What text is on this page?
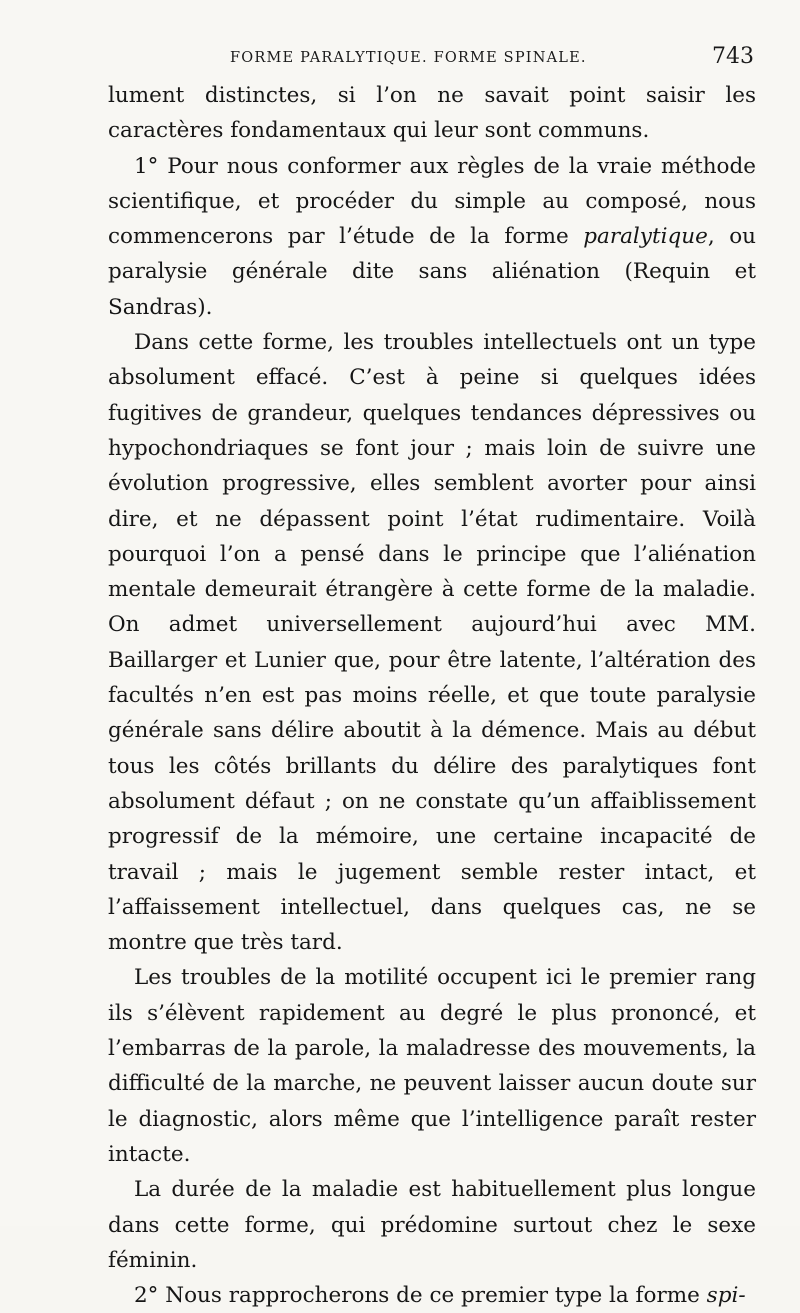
FORME PARALYTIQUE. FORME SPINALE.	743

lument distinctes, si l’on ne savait point saisir les caractères fondamentaux qui leur sont communs.

1° Pour nous conformer aux règles de la vraie méthode scientifique, et procéder du simple au composé, nous commencerons par l’étude de la forme paralytique, ou paralysie générale dite sans aliénation (Requin et Sandras).

Dans cette forme, les troubles intellectuels ont un type absolument effacé. C’est à peine si quelques idées fugitives de grandeur, quelques tendances dépressives ou hypochondriaques se font jour ; mais loin de suivre une évolution progressive, elles semblent avorter pour ainsi dire, et ne dépassent point l’état rudimentaire. Voilà pourquoi l’on a pensé dans le principe que l’aliénation mentale demeurait étrangère à cette forme de la maladie. On admet universellement aujourd’hui avec MM. Baillarger et Lunier que, pour être latente, l’altération des facultés n’en est pas moins réelle, et que toute paralysie générale sans délire aboutit à la démence. Mais au début tous les côtés brillants du délire des paralytiques font absolument défaut ; on ne constate qu’un affaiblissement progressif de la mémoire, une certaine incapacité de travail ; mais le jugement semble rester intact, et l’affaissement intellectuel, dans quelques cas, ne se montre que très tard.

Les troubles de la motilité occupent ici le premier rang ils s’élèvent rapidement au degré le plus prononcé, et l’embarras de la parole, la maladresse des mouvements, la difficulté de la marche, ne peuvent laisser aucun doute sur le diagnostic, alors même que l’intelligence paraît rester intacte.

La durée de la maladie est habituellement plus longue dans cette forme, qui prédomine surtout chez le sexe féminin.

2° Nous rapprocherons de ce premier type la forme spi-
